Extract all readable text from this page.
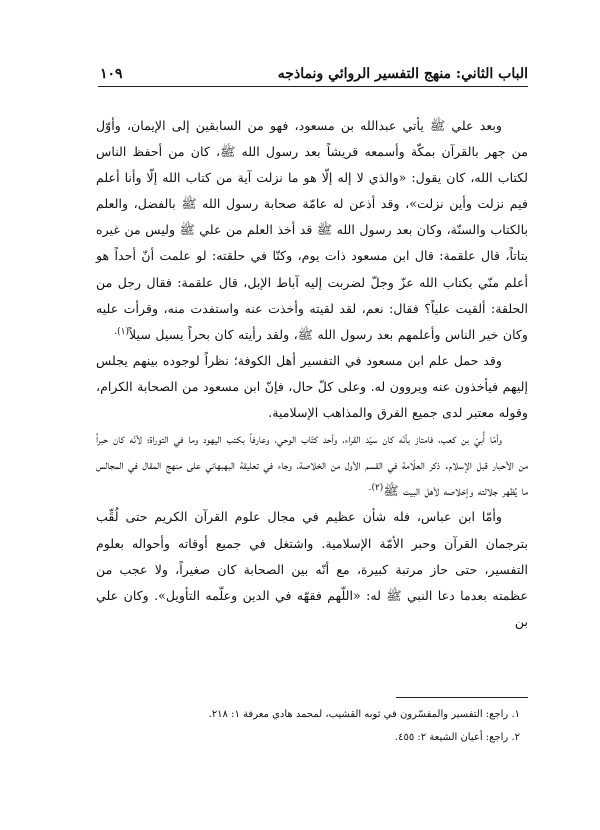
الباب الثاني: منهج التفسير الروائي ونماذجه
١٠٩

وبعد علي ﷺ يأتي عبدالله بن مسعود، فهو من السابقين إلى الإيمان، وأوّل من جهر بالقرآن بمكّة وأسمعه قريشاً بعد رسول الله ﷺ، كان من أحفظ الناس لكتاب الله، كان يقول: «والذي لا إله إلّا هو ما نزلت آية من كتاب الله إلّا وأنا أعلم فيم نزلت وأين نزلت»، وقد أذعن له عامّة صحابة رسول الله ﷺ بالفضل، والعلم بالكتاب والسنّة، وكان بعد رسول الله ﷺ قد أخذ العلم من علي ﷺ وليس من غيره بتاتاً، قال علقمة: قال ابن مسعود ذات يوم، وكنّا في حلقته: لو علمت أنّ أحداً هو أعلم منّي بكتاب الله عزّ وجلّ لضربت إليه آباط الإبل، قال علقمة: فقال رجل من الحلقة: ألقيت علياً؟ فقال: نعم، لقد لقيته وأخذت عنه واستفدت منه، وقرأت عليه وكان خير الناس وأعلمهم بعد رسول الله ﷺ، ولقد رأيته كان بحراً يسيل سيلاً$^{(١).}$

وقد حمل علم ابن مسعود في التفسير أهل الكوفة؛ نظراً لوجوده بينهم يجلس إليهم فيأخذون عنه ويروون له. وعلى كلّ حال، فإنّ ابن مسعود من الصحابة الكرام، وقوله معتبر لدى جميع الفرق والمذاهب الإسلامية.

وأمّا أُبيّ بن كعب، فامتاز بأنّه كان سيّد القراء، وأحد كتّاب الوحي، وعارفاً بكتب اليهود وما في التوراة؛ لأنّه كان حبراً من الأحبار قبل الإسلام. ذكر العلّامة في القسم الأول من الخلاصة، وجاء في تعليقة البهبهاني على منهج المقال في المجالس ما يُظهر جلالته وإخلاصه لأهل البيت ﷺ$^{(٢).}$

وأمّا ابن عباس، فله شأن عظيم في مجال علوم القرآن الكريم حتى لُقِّب بترجمان القرآن وحبر الأمّة الإسلامية. واشتغل في جميع أوقاته وأحواله بعلوم التفسير، حتى حاز مرتبة كبيرة، مع أنّه بين الصحابة كان صغيراً، ولا عجب من عظمته بعدما دعا النبي ﷺ له: «اللّهم فقهّه في الدين وعلّمه التأويل». وكان علي بن

١. راجع: التفسير والمفسّرون في ثوبه القشيب، لمحمد هادي معرفة ١: ٢١٨.

٢. راجع: أعيان الشيعة ٢: ٤٥٥.
